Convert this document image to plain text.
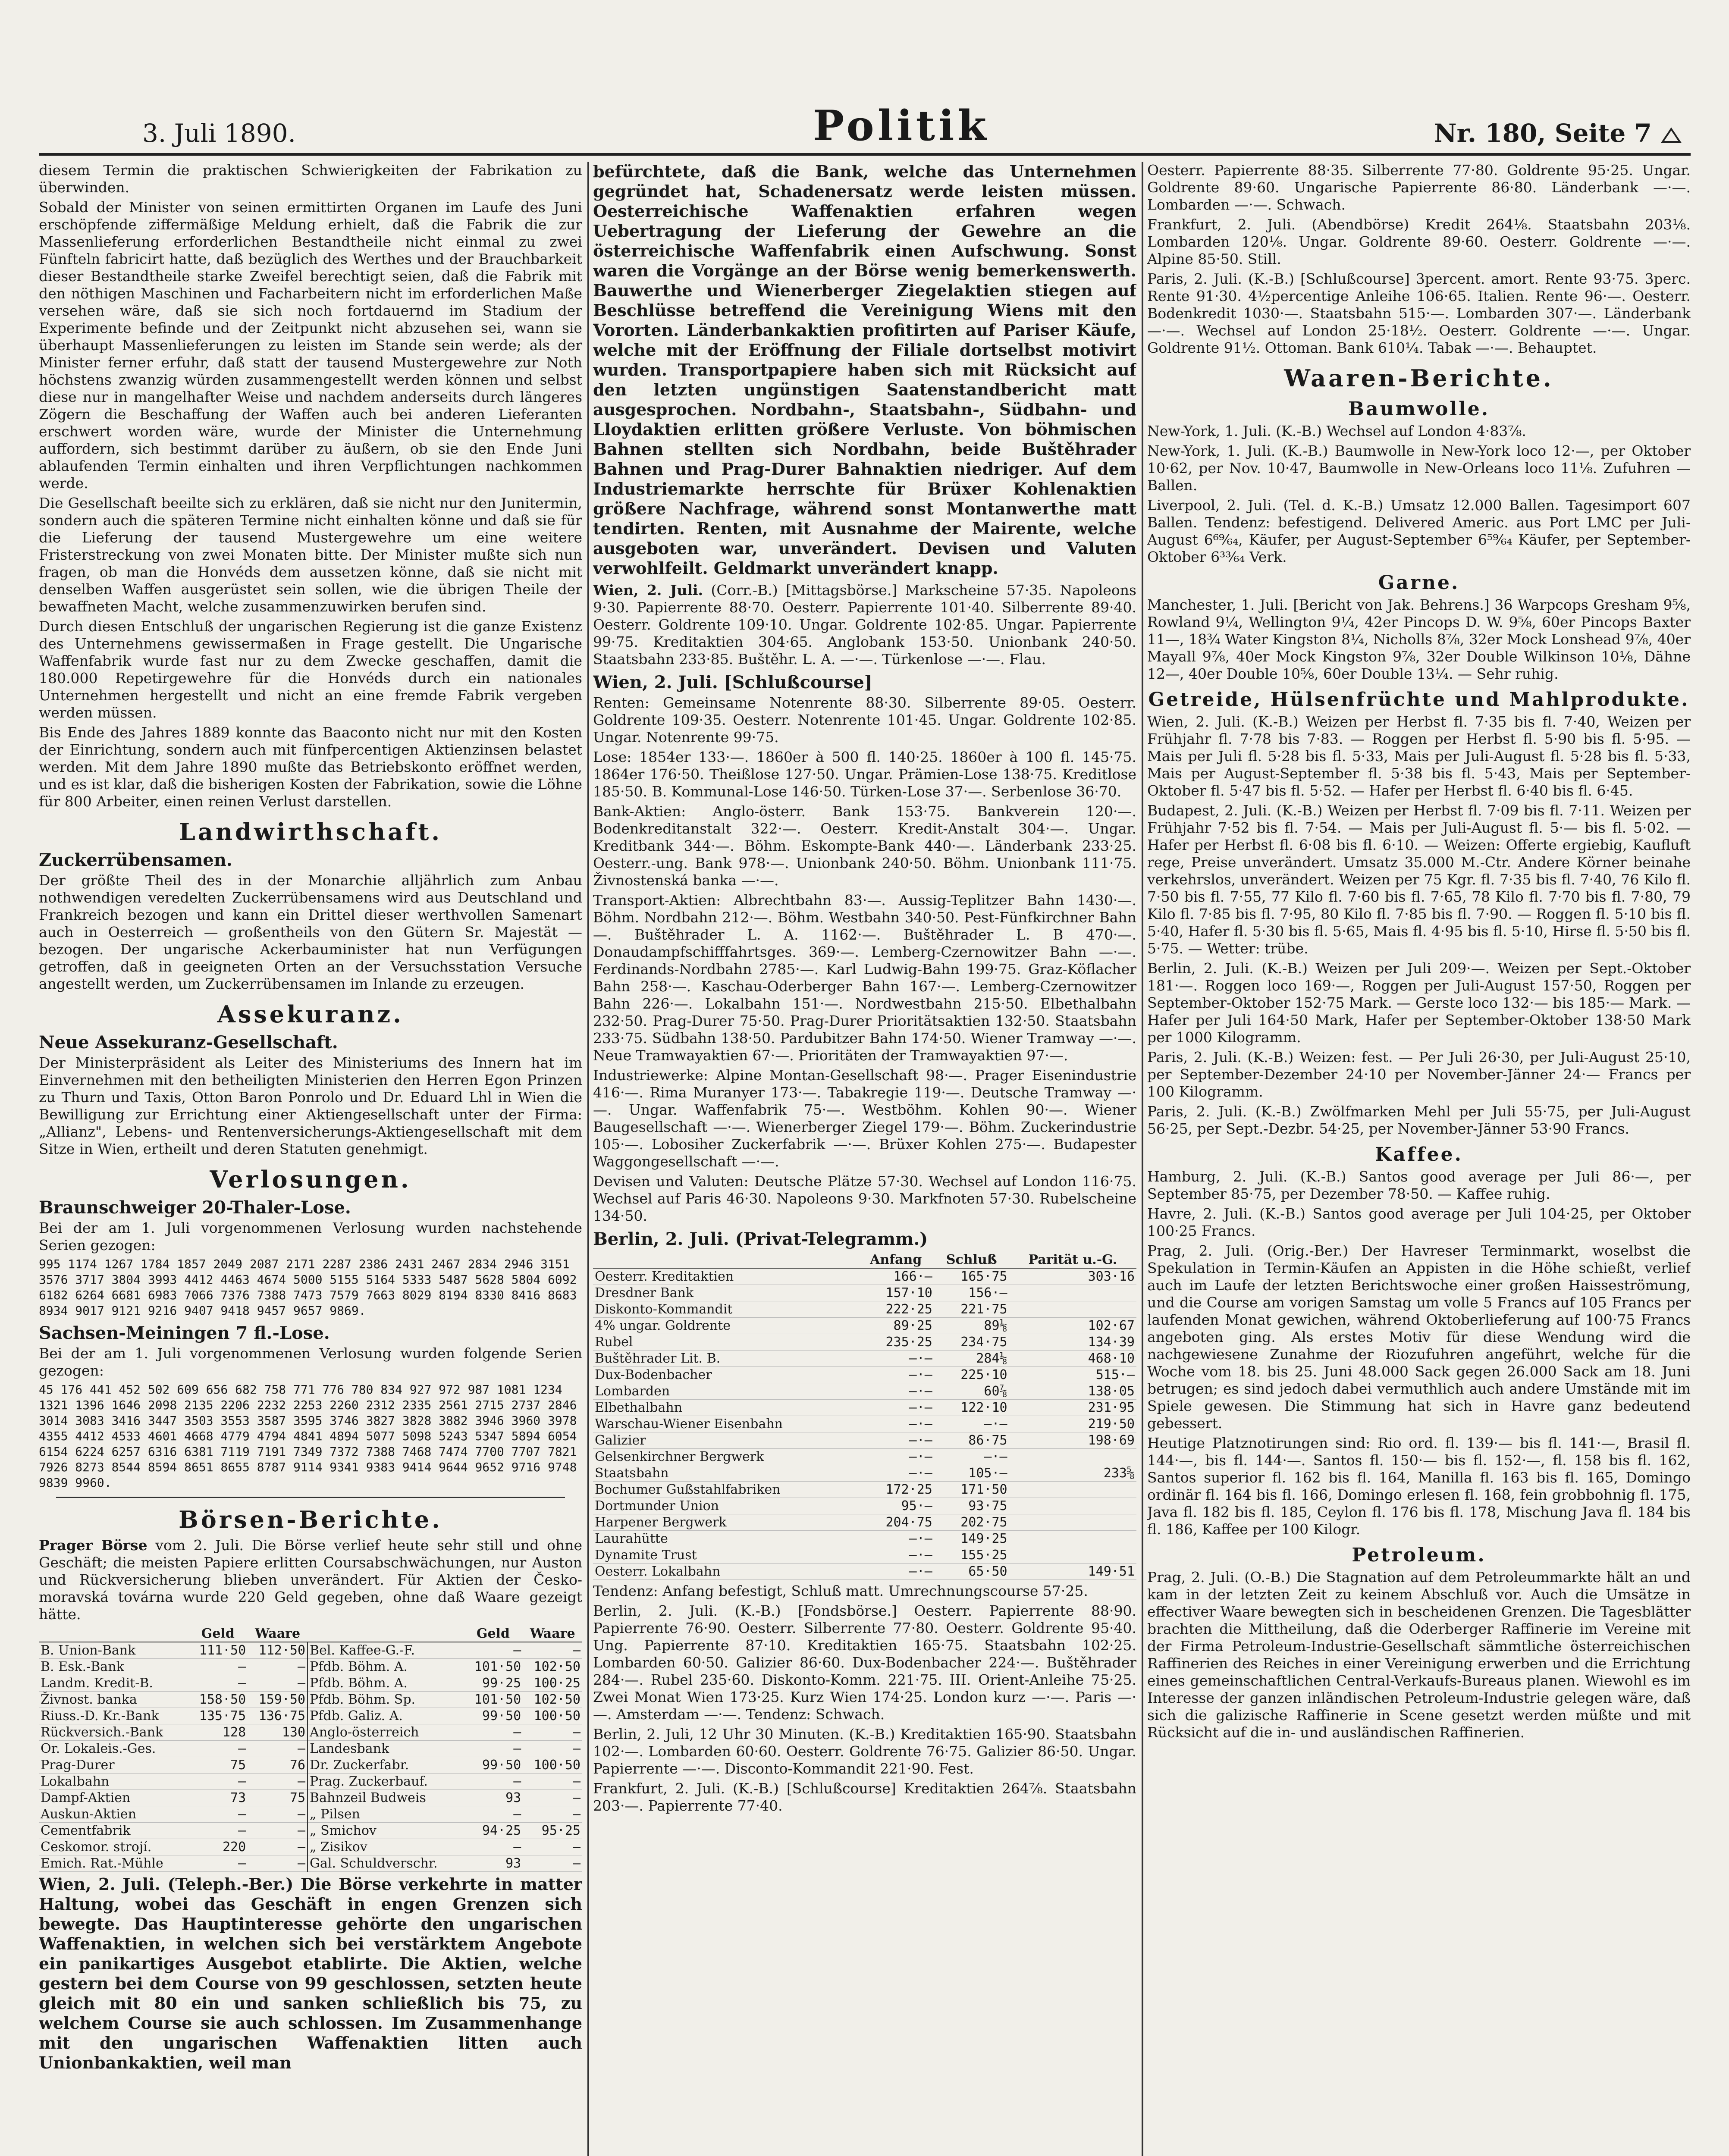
3. Juli 1890.	Politik	Nr. 180, Seite 7

diesem Termin die praktischen Schwierigkeiten der Fabrikation zu überwinden.

Sobald der Minister von seinen ermittirten Organen im Laufe des Juni erschöpfende ziffermäßige Meldung erhielt, daß die Fabrik die zur Massenlieferung erforderlichen Bestandtheile nicht einmal zu zwei Fünfteln fabricirt hatte, daß bezüglich des Werthes und der Brauchbarkeit dieser Bestandtheile starke Zweifel berechtigt seien, daß die Fabrik mit den nöthigen Maschinen und Facharbeitern nicht im erforderlichen Maße versehen wäre, daß sie sich noch fortdauernd im Stadium der Experimente befinde und der Zeitpunkt nicht abzusehen sei, wann sie überhaupt Massenlieferungen zu leisten im Stande sein werde; als der Minister ferner erfuhr, daß statt der tausend Mustergewehre zur Noth höchstens zwanzig würden zusammengestellt werden können und selbst diese nur in mangelhafter Weise und nachdem anderseits durch längeres Zögern die Beschaffung der Waffen auch bei anderen Lieferanten erschwert worden wäre, wurde der Minister die Unternehmung auffordern, sich bestimmt darüber zu äußern, ob sie den Ende Juni ablaufenden Termin einhalten und ihren Verpflichtungen nachkommen werde.

Die Gesellschaft beeilte sich zu erklären, daß sie nicht nur den Junitermin, sondern auch die späteren Termine nicht einhalten könne und daß sie für die Lieferung der tausend Mustergewehre um eine weitere Fristerstreckung von zwei Monaten bitte. Der Minister mußte sich nun fragen, ob man die Honvéds dem aussetzen könne, daß sie nicht mit denselben Waffen ausgerüstet sein sollen, wie die übrigen Theile der bewaffneten Macht, welche zusammenzuwirken berufen sind.

Durch diesen Entschluß der ungarischen Regierung ist die ganze Existenz des Unternehmens gewissermaßen in Frage gestellt. Die Ungarische Waffenfabrik wurde fast nur zu dem Zwecke geschaffen, damit die 180.000 Repetirgewehre für die Honvéds durch ein nationales Unternehmen hergestellt und nicht an eine fremde Fabrik vergeben werden müssen.

Bis Ende des Jahres 1889 konnte das Baaconto nicht nur mit den Kosten der Einrichtung, sondern auch mit fünfpercentigen Aktienzinsen belastet werden. Mit dem Jahre 1890 mußte das Betriebskonto eröffnet werden, und es ist klar, daß die bisherigen Kosten der Fabrikation, sowie die Löhne für 800 Arbeiter, einen reinen Verlust darstellen.

Landwirthschaft.
Zuckerrübensamen.

Der größte Theil des in der Monarchie alljährlich zum Anbau nothwendigen veredelten Zuckerrübensamens wird aus Deutschland und Frankreich bezogen und kann ein Drittel dieser werthvollen Samenart auch in Oesterreich — großentheils von den Gütern Sr. Majestät — bezogen. Der ungarische Ackerbauminister hat nun Verfügungen getroffen, daß in geeigneten Orten an der Versuchsstation Versuche angestellt werden, um Zuckerrübensamen im Inlande zu erzeugen.

Assekuranz.
Neue Assekuranz-Gesellschaft.

Der Ministerpräsident als Leiter des Ministeriums des Innern hat im Einvernehmen mit den betheiligten Ministerien den Herren Egon Prinzen zu Thurn und Taxis, Otton Baron Ponrolo und Dr. Eduard Lhl in Wien die Bewilligung zur Errichtung einer Aktiengesellschaft unter der Firma: „Allianz", Lebens- und Rentenversicherungs-Aktiengesellschaft mit dem Sitze in Wien, ertheilt und deren Statuten genehmigt.

Verlosungen.
Braunschweiger 20-Thaler-Lose.

Bei der am 1. Juli vorgenommenen Verlosung wurden nachstehende Serien gezogen:

995 1174 1267 1784 1857 2049 2087 2171 2287 2386 2431 2467 2834 2946 3151 3576 3717 3804 3993 4412 4463 4674 5000 5155 5164 5333 5487 5628 5804 6092 6182 6264 6681 6983 7066 7376 7388 7473 7579 7663 8029 8194 8330 8416 8683 8934 9017 9121 9216 9407 9418 9457 9657 9869.

Sachsen-Meiningen 7 fl.-Lose.

Bei der am 1. Juli vorgenommenen Verlosung wurden folgende Serien gezogen:

45 176 441 452 502 609 656 682 758 771 776 780 834 927 972 987 1081 1234 1321 1396 1646 2098 2135 2206 2232 2253 2260 2312 2335 2561 2715 2737 2846 3014 3083 3416 3447 3503 3553 3587 3595 3746 3827 3828 3882 3946 3960 3978 4355 4412 4533 4601 4668 4779 4794 4841 4894 5077 5098 5243 5347 5894 6054 6154 6224 6257 6316 6381 7119 7191 7349 7372 7388 7468 7474 7700 7707 7821 7926 8273 8544 8594 8651 8655 8787 9114 9341 9383 9414 9644 9652 9716 9748 9839 9960.

Börsen-Berichte.

Prager Börse vom 2. Juli. Die Börse verlief heute sehr still und ohne Geschäft; die meisten Papiere erlitten Coursabschwächungen, nur Auston und Rückversicherung blieben unverändert. Für Aktien der Česko-moravská továrna wurde 220 Geld gegeben, ohne daß Waare gezeigt hätte.

	Geld	Waare		Geld	Waare
B. Union-Bank	111·50	112·50	Bel. Kaffee-G.-F.	—	—
B. Esk.-Bank	—	—	Pfdb. Böhm. A.	101·50	102·50
Landm. Kredit-B.	—	—	Pfdb. Böhm. A.	99·25	100·25
Živnost. banka	158·50	159·50	Pfdb. Böhm. Sp.	101·50	102·50
Riuss.-D. Kr.-Bank	135·75	136·75	Pfdb. Galiz. A.	99·50	100·50
Rückversich.-Bank	128	130	Anglo-österreich	—	—
Or. Lokaleis.-Ges.	—	—	Landesbank	—	—
Prag-Durer	75	76	Dr. Zuckerfabr.	99·50	100·50
Lokalbahn	—	—	Prag. Zuckerbauf.	—	—
Dampf-Aktien	73	75	Bahnzeil Budweis	93	—
Auskun-Aktien	—	—	„ Pilsen	—	—
Cementfabrik	—	—	„ Smichov	94·25	95·25
Ceskomor. strojí.	220	—	„ Zisikov	—	—
Emich. Rat.-Mühle	—	—	Gal. Schuldverschr.	93	—

Wien, 2. Juli. (Teleph.-Ber.) Die Börse verkehrte in matter Haltung, wobei das Geschäft in engen Grenzen sich bewegte. Das Hauptinteresse gehörte den ungarischen Waffenaktien, in welchen sich bei verstärktem Angebote ein panikartiges Ausgebot etablirte. Die Aktien, welche gestern bei dem Course von 99 geschlossen, setzten heute gleich mit 80 ein und sanken schließlich bis 75, zu welchem Course sie auch schlossen. Im Zusammenhange mit den ungarischen Waffenaktien litten auch Unionbankaktien, weil man

befürchtete, daß die Bank, welche das Unternehmen gegründet hat, Schadenersatz werde leisten müssen. Oesterreichische Waffenaktien erfahren wegen Uebertragung der Lieferung der Gewehre an die österreichische Waffenfabrik einen Aufschwung. Sonst waren die Vorgänge an der Börse wenig bemerkenswerth. Bauwerthe und Wienerberger Ziegelaktien stiegen auf Beschlüsse betreffend die Vereinigung Wiens mit den Vororten. Länderbankaktien profitirten auf Pariser Käufe, welche mit der Eröffnung der Filiale dortselbst motivirt wurden. Transportpapiere haben sich mit Rücksicht auf den letzten ungünstigen Saatenstandbericht matt ausgesprochen. Nordbahn-, Staatsbahn-, Südbahn- und Lloydaktien erlitten größere Verluste. Von böhmischen Bahnen stellten sich Nordbahn, beide Buštěhrader Bahnen und Prag-Durer Bahnaktien niedriger. Auf dem Industriemarkte herrschte für Brüxer Kohlenaktien größere Nachfrage, während sonst Montanwerthe matt tendirten. Renten, mit Ausnahme der Mairente, welche ausgeboten war, unverändert. Devisen und Valuten verwohlfeilt. Geldmarkt unverändert knapp.

Wien, 2. Juli. (Corr.-B.) [Mittagsbörse.] Markscheine 57·35. Napoleons 9·30. Papierrente 88·70. Oesterr. Papierrente 101·40. Silberrente 89·40. Oesterr. Goldrente 109·10. Ungar. Goldrente 102·85. Ungar. Papierrente 99·75. Kreditaktien 304·65. Anglobank 153·50. Unionbank 240·50. Staatsbahn 233·85. Buštěhr. L. A. —·—. Türkenlose —·—. Flau.

Wien, 2. Juli. [Schlußcourse]

Renten: Gemeinsame Notenrente 88·30. Silberrente 89·05. Oesterr. Goldrente 109·35. Oesterr. Notenrente 101·45. Ungar. Goldrente 102·85. Ungar. Notenrente 99·75.

Lose: 1854er 133·—. 1860er à 500 fl. 140·25. 1860er à 100 fl. 145·75. 1864er 176·50. Theißlose 127·50. Ungar. Prämien-Lose 138·75. Kreditlose 185·50. B. Kommunal-Lose 146·50. Türken-Lose 37·—. Serbenlose 36·70.

Bank-Aktien: Anglo-österr. Bank 153·75. Bankverein 120·—. Bodenkreditanstalt 322·—. Oesterr. Kredit-Anstalt 304·—. Ungar. Kreditbank 344·—. Böhm. Eskompte-Bank 440·—. Länderbank 233·25. Oesterr.-ung. Bank 978·—. Unionbank 240·50. Böhm. Unionbank 111·75. Živnostenská banka —·—.

Transport-Aktien: Albrechtbahn 83·—. Aussig-Teplitzer Bahn 1430·—. Böhm. Nordbahn 212·—. Böhm. Westbahn 340·50. Pest-Fünfkirchner Bahn —. Buštěhrader L. A. 1162·—. Buštěhrader L. B 470·—. Donaudampfschifffahrtsges. 369·—. Lemberg-Czernowitzer Bahn —·—. Ferdinands-Nordbahn 2785·—. Karl Ludwig-Bahn 199·75. Graz-Köflacher Bahn 258·—. Kaschau-Oderberger Bahn 167·—. Lemberg-Czernowitzer Bahn 226·—. Lokalbahn 151·—. Nordwestbahn 215·50. Elbethalbahn 232·50. Prag-Durer 75·50. Prag-Durer Prioritätsaktien 132·50. Staatsbahn 233·75. Südbahn 138·50. Pardubitzer Bahn 174·50. Wiener Tramway —·—. Neue Tramwayaktien 67·—. Prioritäten der Tramwayaktien 97·—.

Industriewerke: Alpine Montan-Gesellschaft 98·—. Prager Eisenindustrie 416·—. Rima Muranyer 173·—. Tabakregie 119·—. Deutsche Tramway —·—. Ungar. Waffenfabrik 75·—. Westböhm. Kohlen 90·—. Wiener Baugesellschaft —·—. Wienerberger Ziegel 179·—. Böhm. Zuckerindustrie 105·—. Lobosiher Zuckerfabrik —·—. Brüxer Kohlen 275·—. Budapester Waggongesellschaft —·—.

Devisen und Valuten: Deutsche Plätze 57·30. Wechsel auf London 116·75. Wechsel auf Paris 46·30. Napoleons 9·30. Markfnoten 57·30. Rubelscheine 134·50.

Berlin, 2. Juli. (Privat-Telegramm.)
	Anfang	Schluß	Parität u.-G.
Oesterr. Kreditaktien	166·—	165·75	303·16
Dresdner Bank	157·10	156·—	
Diskonto-Kommandit	222·25	221·75	
4% ungar. Goldrente	89·25	89⅛	102·67
Rubel	235·25	234·75	134·39
Buštěhrader Lit. B.	—·—	284⅛	468·10
Dux-Bodenbacher	—·—	225·10	515·—
Lombarden	—·—	60⅞	138·05
Elbethalbahn	—·—	122·10	231·95
Warschau-Wiener Eisenbahn	—·—	—·—	219·50
Galizier	—·—	86·75	198·69
Gelsenkirchner Bergwerk	—·—	—·—	
Staatsbahn	—·—	105·—	233⅝
Bochumer Gußstahlfabriken	172·25	171·50	
Dortmunder Union	95·—	93·75	
Harpener Bergwerk	204·75	202·75	
Laurahütte	—·—	149·25	
Dynamite Trust	—·—	155·25	
Oesterr. Lokalbahn	—·—	65·50	149·51

Tendenz: Anfang befestigt, Schluß matt. Umrechnungscourse 57·25.

Berlin, 2. Juli. (K.-B.) [Fondsbörse.] Oesterr. Papierrente 88·90. Papierrente 76·90. Oesterr. Silberrente 77·80. Oesterr. Goldrente 95·40. Ung. Papierrente 87·10. Kreditaktien 165·75. Staatsbahn 102·25. Lombarden 60·50. Galizier 86·60. Dux-Bodenbacher 224·—. Buštěhrader 284·—. Rubel 235·60. Diskonto-Komm. 221·75. III. Orient-Anleihe 75·25. Zwei Monat Wien 173·25. Kurz Wien 174·25. London kurz —·—. Paris —·—. Amsterdam —·—. Tendenz: Schwach.

Berlin, 2. Juli, 12 Uhr 30 Minuten. (K.-B.) Kreditaktien 165·90. Staatsbahn 102·—. Lombarden 60·60. Oesterr. Goldrente 76·75. Galizier 86·50. Ungar. Papierrente —·—. Disconto-Kommandit 221·90. Fest.

Frankfurt, 2. Juli. (K.-B.) [Schlußcourse] Kreditaktien 264⅞. Staatsbahn 203·—. Papierrente 77·40.

Oesterr. Papierrente 88·35. Silberrente 77·80. Goldrente 95·25. Ungar. Goldrente 89·60. Ungarische Papierrente 86·80. Länderbank —·—. Lombarden —·—. Schwach.

Frankfurt, 2. Juli. (Abendbörse) Kredit 264⅛. Staatsbahn 203⅛. Lombarden 120⅛. Ungar. Goldrente 89·60. Oesterr. Goldrente —·—. Alpine 85·50. Still.

Paris, 2. Juli. (K.-B.) [Schlußcourse] 3percent. amort. Rente 93·75. 3perc. Rente 91·30. 4½percentige Anleihe 106·65. Italien. Rente 96·—. Oesterr. Bodenkredit 1030·—. Staatsbahn 515·—. Lombarden 307·—. Länderbank —·—. Wechsel auf London 25·18½. Oesterr. Goldrente —·—. Ungar. Goldrente 91½. Ottoman. Bank 610¼. Tabak —·—. Behauptet.

Waaren-Berichte.
Baumwolle.

New-York, 1. Juli. (K.-B.) Wechsel auf London 4·83⅞.

New-York, 1. Juli. (K.-B.) Baumwolle in New-York loco 12·—, per Oktober 10·62, per Nov. 10·47, Baumwolle in New-Orleans loco 11⅛. Zufuhren — Ballen.

Liverpool, 2. Juli. (Tel. d. K.-B.) Umsatz 12.000 Ballen. Tagesimport 607 Ballen. Tendenz: befestigend. Delivered Americ. aus Port LMC per Juli-August 6⁶⁹⁄₆₄, Käufer, per August-September 6⁵⁹⁄₆₄ Käufer, per September-Oktober 6³³⁄₆₄ Verk.

Garne.

Manchester, 1. Juli. [Bericht von Jak. Behrens.] 36 Warpcops Gresham 9⅝, Rowland 9¼, Wellington 9¼, 42er Pincops D. W. 9⅝, 60er Pincops Baxter 11—, 18¾ Water Kingston 8¼, Nicholls 8⅞, 32er Mock Lonshead 9⅞, 40er Mayall 9⅞, 40er Mock Kingston 9⅞, 32er Double Wilkinson 10⅛, Dähne 12—, 40er Double 10⅝, 60er Double 13¼. — Sehr ruhig.

Getreide, Hülsenfrüchte und Mahlprodukte.

Wien, 2. Juli. (K.-B.) Weizen per Herbst fl. 7·35 bis fl. 7·40, Weizen per Frühjahr fl. 7·78 bis 7·83. — Roggen per Herbst fl. 5·90 bis fl. 5·95. — Mais per Juli fl. 5·28 bis fl. 5·33, Mais per Juli-August fl. 5·28 bis fl. 5·33, Mais per August-September fl. 5·38 bis fl. 5·43, Mais per September-Oktober fl. 5·47 bis fl. 5·52. — Hafer per Herbst fl. 6·40 bis fl. 6·45.

Budapest, 2. Juli. (K.-B.) Weizen per Herbst fl. 7·09 bis fl. 7·11. Weizen per Frühjahr 7·52 bis fl. 7·54. — Mais per Juli-August fl. 5·— bis fl. 5·02. — Hafer per Herbst fl. 6·08 bis fl. 6·10. — Weizen: Offerte ergiebig, Kaufluft rege, Preise unverändert. Umsatz 35.000 M.-Ctr. Andere Körner beinahe verkehrslos, unverändert. Weizen per 75 Kgr. fl. 7·35 bis fl. 7·40, 76 Kilo fl. 7·50 bis fl. 7·55, 77 Kilo fl. 7·60 bis fl. 7·65, 78 Kilo fl. 7·70 bis fl. 7·80, 79 Kilo fl. 7·85 bis fl. 7·95, 80 Kilo fl. 7·85 bis fl. 7·90. — Roggen fl. 5·10 bis fl. 5·40, Hafer fl. 5·30 bis fl. 5·65, Mais fl. 4·95 bis fl. 5·10, Hirse fl. 5·50 bis fl. 5·75. — Wetter: trübe.

Berlin, 2. Juli. (K.-B.) Weizen per Juli 209·—. Weizen per Sept.-Oktober 181·—. Roggen loco 169·—, Roggen per Juli-August 157·50, Roggen per September-Oktober 152·75 Mark. — Gerste loco 132·— bis 185·— Mark. — Hafer per Juli 164·50 Mark, Hafer per September-Oktober 138·50 Mark per 1000 Kilogramm.

Paris, 2. Juli. (K.-B.) Weizen: fest. — Per Juli 26·30, per Juli-August 25·10, per September-Dezember 24·10 per November-Jänner 24·— Francs per 100 Kilogramm.

Paris, 2. Juli. (K.-B.) Zwölfmarken Mehl per Juli 55·75, per Juli-August 56·25, per Sept.-Dezbr. 54·25, per November-Jänner 53·90 Francs.

Kaffee.

Hamburg, 2. Juli. (K.-B.) Santos good average per Juli 86·—, per September 85·75, per Dezember 78·50. — Kaffee ruhig.

Havre, 2. Juli. (K.-B.) Santos good average per Juli 104·25, per Oktober 100·25 Francs.

Prag, 2. Juli. (Orig.-Ber.) Der Havreser Terminmarkt, woselbst die Spekulation in Termin-Käufen an Appisten in die Höhe schießt, verlief auch im Laufe der letzten Berichtswoche einer großen Haisseströmung, und die Course am vorigen Samstag um volle 5 Francs auf 105 Francs per laufenden Monat gewichen, während Oktoberlieferung auf 100·75 Francs angeboten ging. Als erstes Motiv für diese Wendung wird die nachgewiesene Zunahme der Riozufuhren angeführt, welche für die Woche vom 18. bis 25. Juni 48.000 Sack gegen 26.000 Sack am 18. Juni betrugen; es sind jedoch dabei vermuthlich auch andere Umstände mit im Spiele gewesen. Die Stimmung hat sich in Havre ganz bedeutend gebessert.

Heutige Platznotirungen sind: Rio ord. fl. 139·— bis fl. 141·—, Brasil fl. 144·—, bis fl. 144·—. Santos fl. 150·— bis fl. 152·—, fl. 158 bis fl. 162, Santos superior fl. 162 bis fl. 164, Manilla fl. 163 bis fl. 165, Domingo ordinär fl. 164 bis fl. 166, Domingo erlesen fl. 168, fein grobbohnig fl. 175, Java fl. 182 bis fl. 185, Ceylon fl. 176 bis fl. 178, Mischung Java fl. 184 bis fl. 186, Kaffee per 100 Kilogr.

Petroleum.

Prag, 2. Juli. (O.-B.) Die Stagnation auf dem Petroleummarkte hält an und kam in der letzten Zeit zu keinem Abschluß vor. Auch die Umsätze in effectiver Waare bewegten sich in bescheidenen Grenzen. Die Tagesblätter brachten die Mittheilung, daß die Oderberger Raffinerie im Vereine mit der Firma Petroleum-Industrie-Gesellschaft sämmtliche österreichischen Raffinerien des Reiches in einer Vereinigung erwerben und die Errichtung eines gemeinschaftlichen Central-Verkaufs-Bureaus planen. Wiewohl es im Interesse der ganzen inländischen Petroleum-Industrie gelegen wäre, daß sich die galizische Raffinerie in Scene gesetzt werden müßte und mit Rücksicht auf die in- und ausländischen Raffinerien.
